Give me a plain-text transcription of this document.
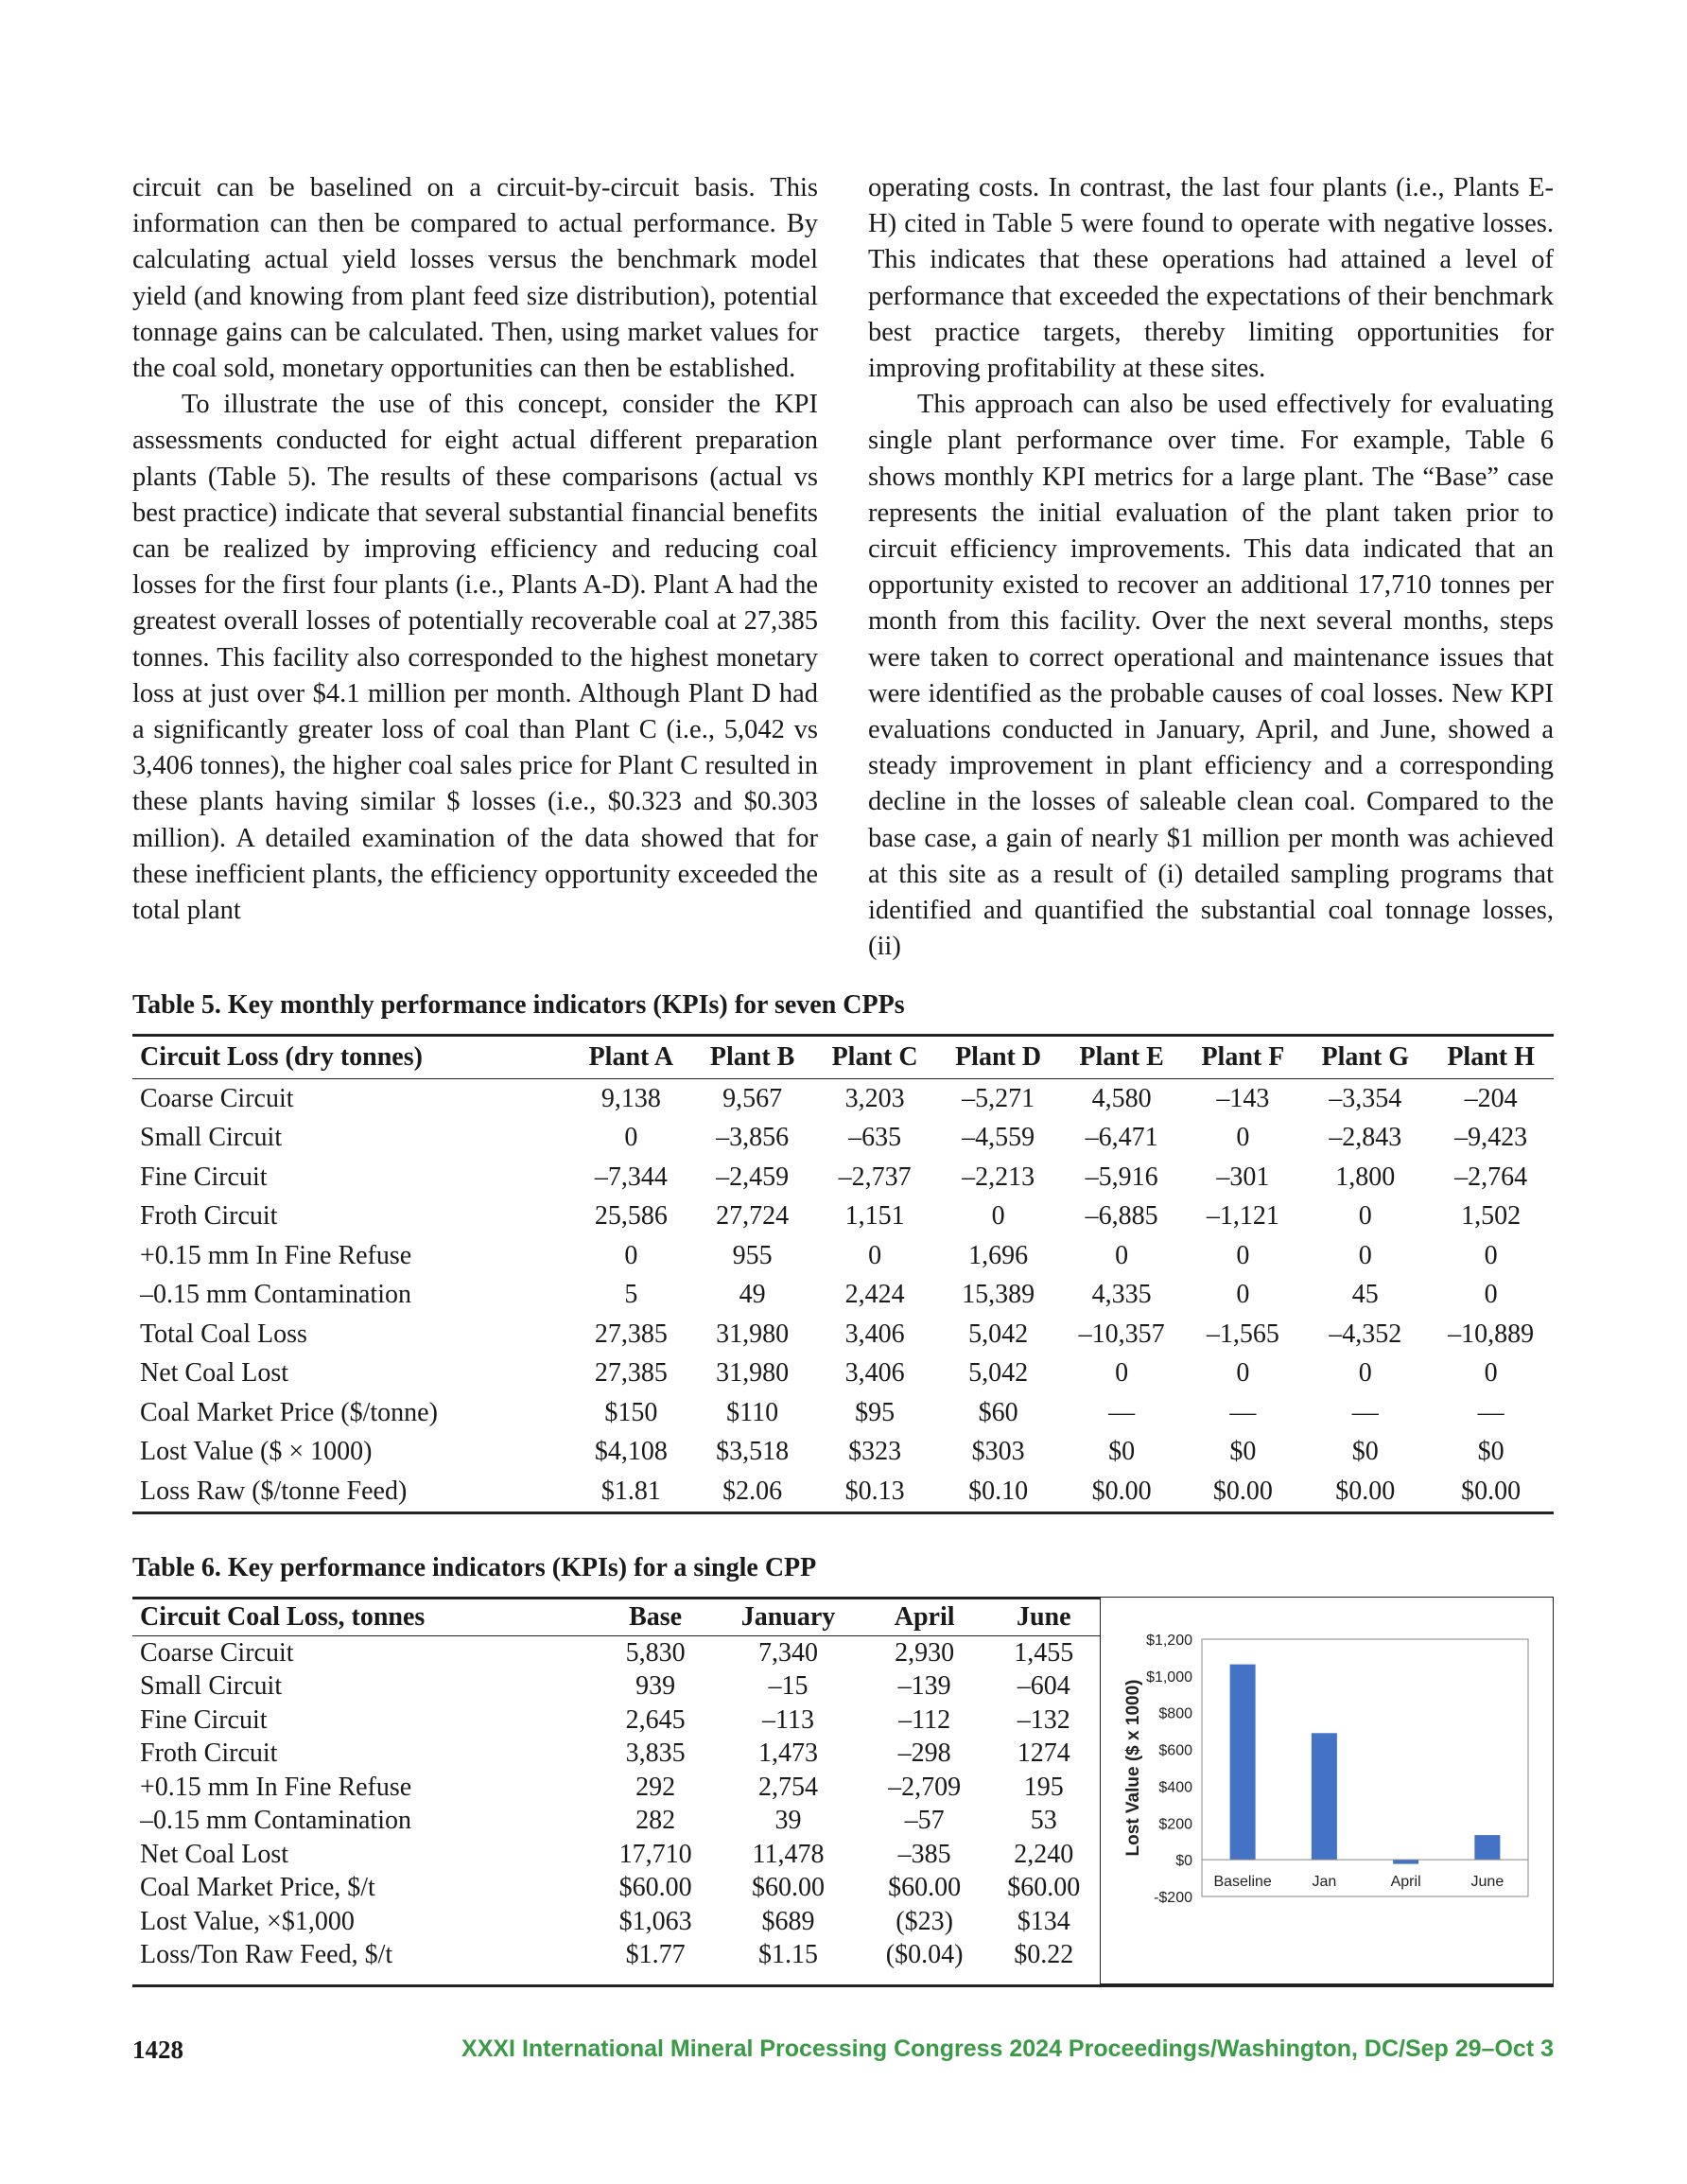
circuit can be baselined on a circuit-by-circuit basis. This information can then be compared to actual performance. By calculating actual yield losses versus the benchmark model yield (and knowing from plant feed size distribution), potential tonnage gains can be calculated. Then, using market values for the coal sold, monetary opportunities can then be established.

To illustrate the use of this concept, consider the KPI assessments conducted for eight actual different preparation plants (Table 5). The results of these comparisons (actual vs best practice) indicate that several substantial financial benefits can be realized by improving efficiency and reducing coal losses for the first four plants (i.e., Plants A-D). Plant A had the greatest overall losses of potentially recoverable coal at 27,385 tonnes. This facility also corresponded to the highest monetary loss at just over $4.1 million per month. Although Plant D had a significantly greater loss of coal than Plant C (i.e., 5,042 vs 3,406 tonnes), the higher coal sales price for Plant C resulted in these plants having similar $ losses (i.e., $0.323 and $0.303 million). A detailed examination of the data showed that for these inefficient plants, the efficiency opportunity exceeded the total plant

operating costs. In contrast, the last four plants (i.e., Plants E-H) cited in Table 5 were found to operate with negative losses. This indicates that these operations had attained a level of performance that exceeded the expectations of their benchmark best practice targets, thereby limiting opportunities for improving profitability at these sites.

This approach can also be used effectively for evaluating single plant performance over time. For example, Table 6 shows monthly KPI metrics for a large plant. The “Base” case represents the initial evaluation of the plant taken prior to circuit efficiency improvements. This data indicated that an opportunity existed to recover an additional 17,710 tonnes per month from this facility. Over the next several months, steps were taken to correct operational and maintenance issues that were identified as the probable causes of coal losses. New KPI evaluations conducted in January, April, and June, showed a steady improvement in plant efficiency and a corresponding decline in the losses of saleable clean coal. Compared to the base case, a gain of nearly $1 million per month was achieved at this site as a result of (i) detailed sampling programs that identified and quantified the substantial coal tonnage losses, (ii)

Table 5. Key monthly performance indicators (KPIs) for seven CPPs
Circuit Loss (dry tonnes)	Plant A	Plant B	Plant C	Plant D	Plant E	Plant F	Plant G	Plant H
Coarse Circuit	9,138	9,567	3,203	–5,271	4,580	–143	–3,354	–204
Small Circuit	0	–3,856	–635	–4,559	–6,471	0	–2,843	–9,423
Fine Circuit	–7,344	–2,459	–2,737	–2,213	–5,916	–301	1,800	–2,764
Froth Circuit	25,586	27,724	1,151	0	–6,885	–1,121	0	1,502
+0.15 mm In Fine Refuse	0	955	0	1,696	0	0	0	0
–0.15 mm Contamination	5	49	2,424	15,389	4,335	0	45	0
Total Coal Loss	27,385	31,980	3,406	5,042	–10,357	–1,565	–4,352	–10,889
Net Coal Lost	27,385	31,980	3,406	5,042	0	0	0	0
Coal Market Price ($/tonne)	$150	$110	$95	$60	—	—	—	—
Lost Value ($ × 1000)	$4,108	$3,518	$323	$303	$0	$0	$0	$0
Loss Raw ($/tonne Feed)	$1.81	$2.06	$0.13	$0.10	$0.00	$0.00	$0.00	$0.00
Table 6. Key performance indicators (KPIs) for a single CPP
Circuit Coal Loss, tonnes	Base	January	April	June
Coarse Circuit	5,830	7,340	2,930	1,455
Small Circuit	939	–15	–139	–604
Fine Circuit	2,645	–113	–112	–132
Froth Circuit	3,835	1,473	–298	1274
+0.15 mm In Fine Refuse	292	2,754	–2,709	195
–0.15 mm Contamination	282	39	–57	53
Net Coal Lost	17,710	11,478	–385	2,240
Coal Market Price, $/t	$60.00	$60.00	$60.00	$60.00
Lost Value, ×$1,000	$1,063	$689	($23)	$134
Loss/Ton Raw Feed, $/t	$1.77	$1.15	($0.04)	$0.22
$1,200
$1,000
$800
$600
$400
$200
$0
-$200
Baseline	Jan	April	June
Lost Value ($ x 1000)
1428	XXXI International Mineral Processing Congress 2024 Proceedings/Washington, DC/Sep 29–Oct 3
